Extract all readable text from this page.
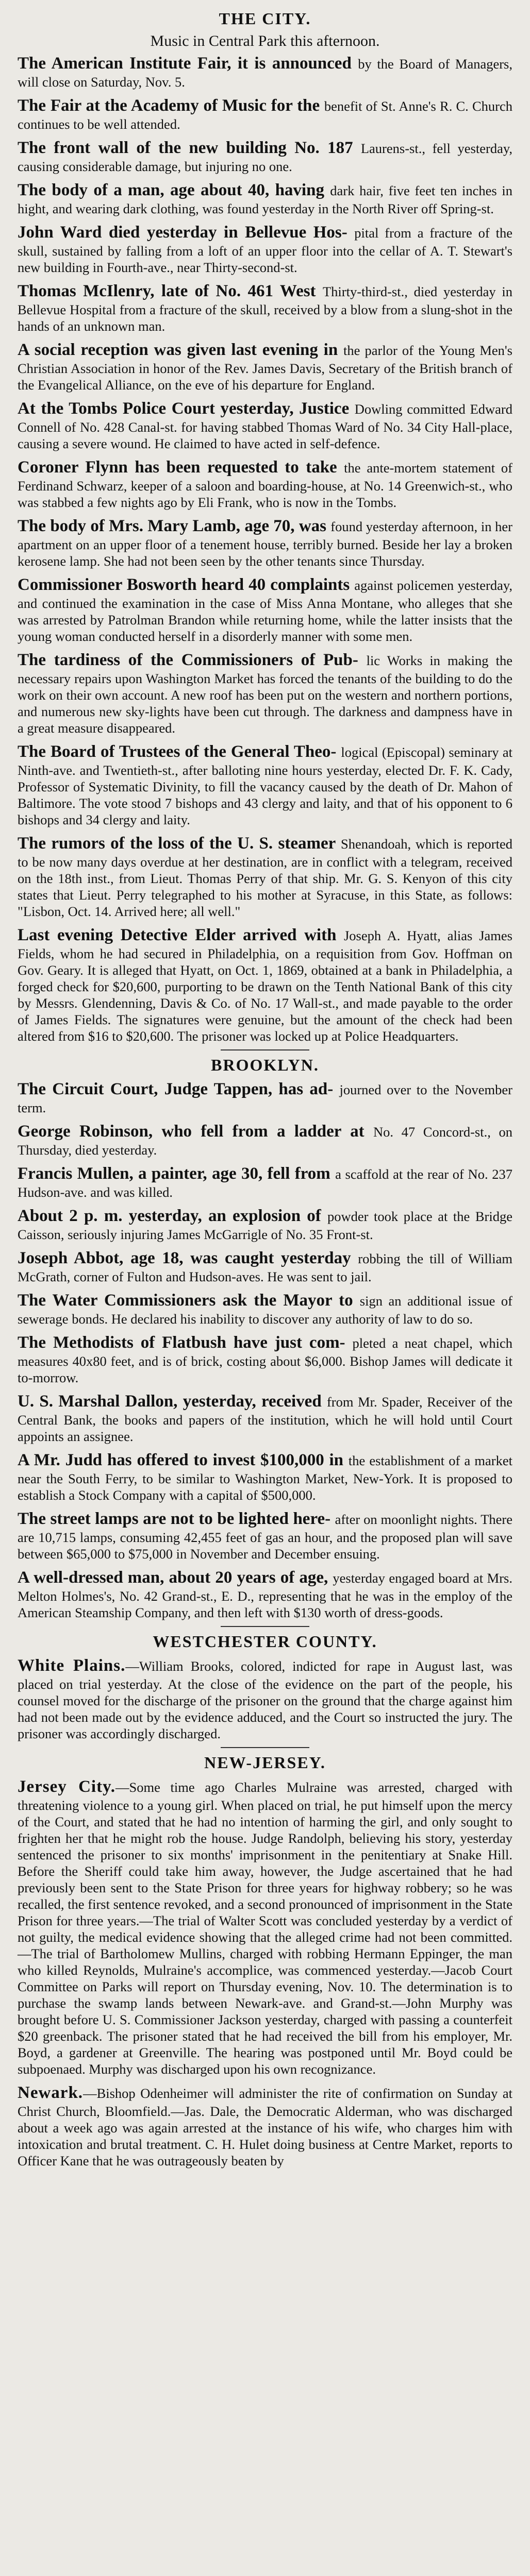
THE CITY.
Music in Central Park this afternoon.

The American Institute Fair, it is announced by the Board of Managers, will close on Saturday, Nov. 5.

The Fair at the Academy of Music for the benefit of St. Anne's R. C. Church continues to be well attended.

The front wall of the new building No. 187 Laurens-st., fell yesterday, causing considerable damage, but injuring no one.

The body of a man, age about 40, having dark hair, five feet ten inches in hight, and wearing dark clothing, was found yesterday in the North River off Spring-st.

John Ward died yesterday in Bellevue Hos- pital from a fracture of the skull, sustained by falling from a loft of an upper floor into the cellar of A. T. Stewart's new building in Fourth-ave., near Thirty-second-st.

Thomas McIlenry, late of No. 461 West Thirty-third-st., died yesterday in Bellevue Hospital from a fracture of the skull, received by a blow from a slung-shot in the hands of an unknown man.

A social reception was given last evening in the parlor of the Young Men's Christian Association in honor of the Rev. James Davis, Secretary of the British branch of the Evangelical Alliance, on the eve of his departure for England.

At the Tombs Police Court yesterday, Justice Dowling committed Edward Connell of No. 428 Canal-st. for having stabbed Thomas Ward of No. 34 City Hall-place, causing a severe wound. He claimed to have acted in self-defence.

Coroner Flynn has been requested to take the ante-mortem statement of Ferdinand Schwarz, keeper of a saloon and boarding-house, at No. 14 Greenwich-st., who was stabbed a few nights ago by Eli Frank, who is now in the Tombs.

The body of Mrs. Mary Lamb, age 70, was found yesterday afternoon, in her apartment on an upper floor of a tenement house, terribly burned. Beside her lay a broken kerosene lamp. She had not been seen by the other tenants since Thursday.

Commissioner Bosworth heard 40 complaints against policemen yesterday, and continued the examination in the case of Miss Anna Montane, who alleges that she was arrested by Patrolman Brandon while returning home, while the latter insists that the young woman conducted herself in a disorderly manner with some men.

The tardiness of the Commissioners of Pub- lic Works in making the necessary repairs upon Washington Market has forced the tenants of the building to do the work on their own account. A new roof has been put on the western and northern portions, and numerous new sky-lights have been cut through. The darkness and dampness have in a great measure disappeared.

The Board of Trustees of the General Theo- logical (Episcopal) seminary at Ninth-ave. and Twentieth-st., after balloting nine hours yesterday, elected Dr. F. K. Cady, Professor of Systematic Divinity, to fill the vacancy caused by the death of Dr. Mahon of Baltimore. The vote stood 7 bishops and 43 clergy and laity, and that of his opponent to 6 bishops and 34 clergy and laity.

The rumors of the loss of the U. S. steamer Shenandoah, which is reported to be now many days overdue at her destination, are in conflict with a telegram, received on the 18th inst., from Lieut. Thomas Perry of that ship. Mr. G. S. Kenyon of this city states that Lieut. Perry telegraphed to his mother at Syracuse, in this State, as follows: "Lisbon, Oct. 14. Arrived here; all well."

Last evening Detective Elder arrived with Joseph A. Hyatt, alias James Fields, whom he had secured in Philadelphia, on a requisition from Gov. Hoffman on Gov. Geary. It is alleged that Hyatt, on Oct. 1, 1869, obtained at a bank in Philadelphia, a forged check for $20,600, purporting to be drawn on the Tenth National Bank of this city by Messrs. Glendenning, Davis & Co. of No. 17 Wall-st., and made payable to the order of James Fields. The signatures were genuine, but the amount of the check had been altered from $16 to $20,600. The prisoner was locked up at Police Headquarters.

BROOKLYN.

The Circuit Court, Judge Tappen, has ad- journed over to the November term.

George Robinson, who fell from a ladder at No. 47 Concord-st., on Thursday, died yesterday.

Francis Mullen, a painter, age 30, fell from a scaffold at the rear of No. 237 Hudson-ave. and was killed.

About 2 p. m. yesterday, an explosion of powder took place at the Bridge Caisson, seriously injuring James McGarrigle of No. 35 Front-st.

Joseph Abbot, age 18, was caught yesterday robbing the till of William McGrath, corner of Fulton and Hudson-aves. He was sent to jail.

The Water Commissioners ask the Mayor to sign an additional issue of sewerage bonds. He declared his inability to discover any authority of law to do so.

The Methodists of Flatbush have just com- pleted a neat chapel, which measures 40x80 feet, and is of brick, costing about $6,000. Bishop James will dedicate it to-morrow.

U. S. Marshal Dallon, yesterday, received from Mr. Spader, Receiver of the Central Bank, the books and papers of the institution, which he will hold until Court appoints an assignee.

A Mr. Judd has offered to invest $100,000 in the establishment of a market near the South Ferry, to be similar to Washington Market, New-York. It is proposed to establish a Stock Company with a capital of $500,000.

The street lamps are not to be lighted here- after on moonlight nights. There are 10,715 lamps, consuming 42,455 feet of gas an hour, and the proposed plan will save between $65,000 to $75,000 in November and December ensuing.

A well-dressed man, about 20 years of age, yesterday engaged board at Mrs. Melton Holmes's, No. 42 Grand-st., E. D., representing that he was in the employ of the American Steamship Company, and then left with $130 worth of dress-goods.

WESTCHESTER COUNTY.

White Plains.—William Brooks, colored, indicted for rape in August last, was placed on trial yesterday. At the close of the evidence on the part of the people, his counsel moved for the discharge of the prisoner on the ground that the charge against him had not been made out by the evidence adduced, and the Court so instructed the jury. The prisoner was accordingly discharged.

NEW-JERSEY.

Jersey City.—Some time ago Charles Mulraine was arrested, charged with threatening violence to a young girl. When placed on trial, he put himself upon the mercy of the Court, and stated that he had no intention of harming the girl, and only sought to frighten her that he might rob the house. Judge Randolph, believing his story, yesterday sentenced the prisoner to six months' imprisonment in the penitentiary at Snake Hill. Before the Sheriff could take him away, however, the Judge ascertained that he had previously been sent to the State Prison for three years for highway robbery; so he was recalled, the first sentence revoked, and a second pronounced of imprisonment in the State Prison for three years.—The trial of Walter Scott was concluded yesterday by a verdict of not guilty, the medical evidence showing that the alleged crime had not been committed.—The trial of Bartholomew Mullins, charged with robbing Hermann Eppinger, the man who killed Reynolds, Mulraine's accomplice, was commenced yesterday.—Jacob Court Committee on Parks will report on Thursday evening, Nov. 10. The determination is to purchase the swamp lands between Newark-ave. and Grand-st.—John Murphy was brought before U. S. Commissioner Jackson yesterday, charged with passing a counterfeit $20 greenback. The prisoner stated that he had received the bill from his employer, Mr. Boyd, a gardener at Greenville. The hearing was postponed until Mr. Boyd could be subpoenaed. Murphy was discharged upon his own recognizance.

Newark.—Bishop Odenheimer will administer the rite of confirmation on Sunday at Christ Church, Bloomfield.—Jas. Dale, the Democratic Alderman, who was discharged about a week ago was again arrested at the instance of his wife, who charges him with intoxication and brutal treatment. C. H. Hulet doing business at Centre Market, reports to Officer Kane that he was outrageously beaten by
